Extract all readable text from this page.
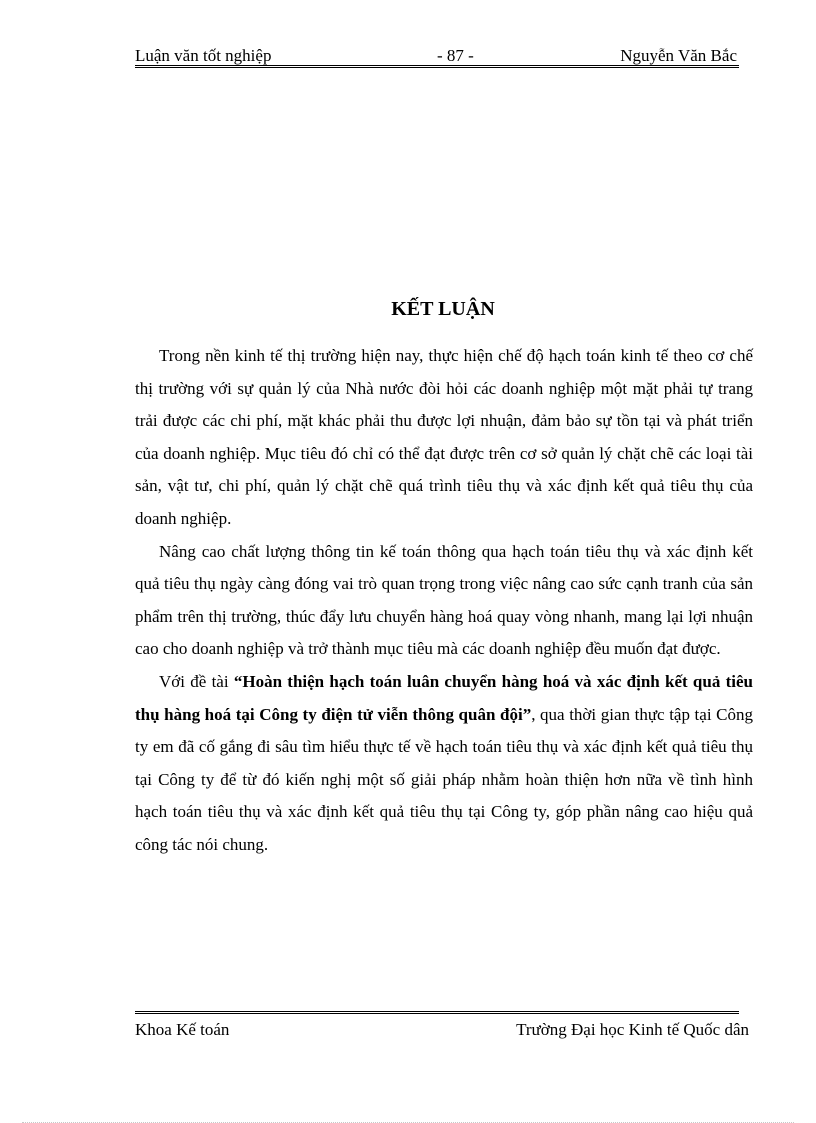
Luận văn tốt nghiệp	- 87 -	Nguyễn Văn Bắc
KẾT LUẬN

Trong nền kinh tế thị trường hiện nay, thực hiện chế độ hạch toán kinh tế theo cơ chế thị trường với sự quản lý của Nhà nước đòi hỏi các doanh nghiệp một mặt phải tự trang trải được các chi phí, mặt khác phải thu được lợi nhuận, đảm bảo sự tồn tại và phát triển của doanh nghiệp. Mục tiêu đó chỉ có thể đạt được trên cơ sở quản lý chặt chẽ các loại tài sản, vật tư, chi phí, quản lý chặt chẽ quá trình tiêu thụ và xác định kết quả tiêu thụ của doanh nghiệp.

Nâng cao chất lượng thông tin kế toán thông qua hạch toán tiêu thụ và xác định kết quả tiêu thụ ngày càng đóng vai trò quan trọng trong việc nâng cao sức cạnh tranh của sản phẩm trên thị trường, thúc đẩy lưu chuyển hàng hoá quay vòng nhanh, mang lại lợi nhuận cao cho doanh nghiệp và trở thành mục tiêu mà các doanh nghiệp đều muốn đạt được.

Với đề tài “Hoàn thiện hạch toán luân chuyển hàng hoá và xác định kết quả tiêu thụ hàng hoá tại Công ty điện tử viễn thông quân đội”, qua thời gian thực tập tại Công ty em đã cố gắng đi sâu tìm hiểu thực tế về hạch toán tiêu thụ và xác định kết quả tiêu thụ tại Công ty để từ đó kiến nghị một số giải pháp nhằm hoàn thiện hơn nữa về tình hình hạch toán tiêu thụ và xác định kết quả tiêu thụ tại Công ty, góp phần nâng cao hiệu quả công tác nói chung.

Khoa Kế toán	Trường Đại học Kinh tế Quốc dân
